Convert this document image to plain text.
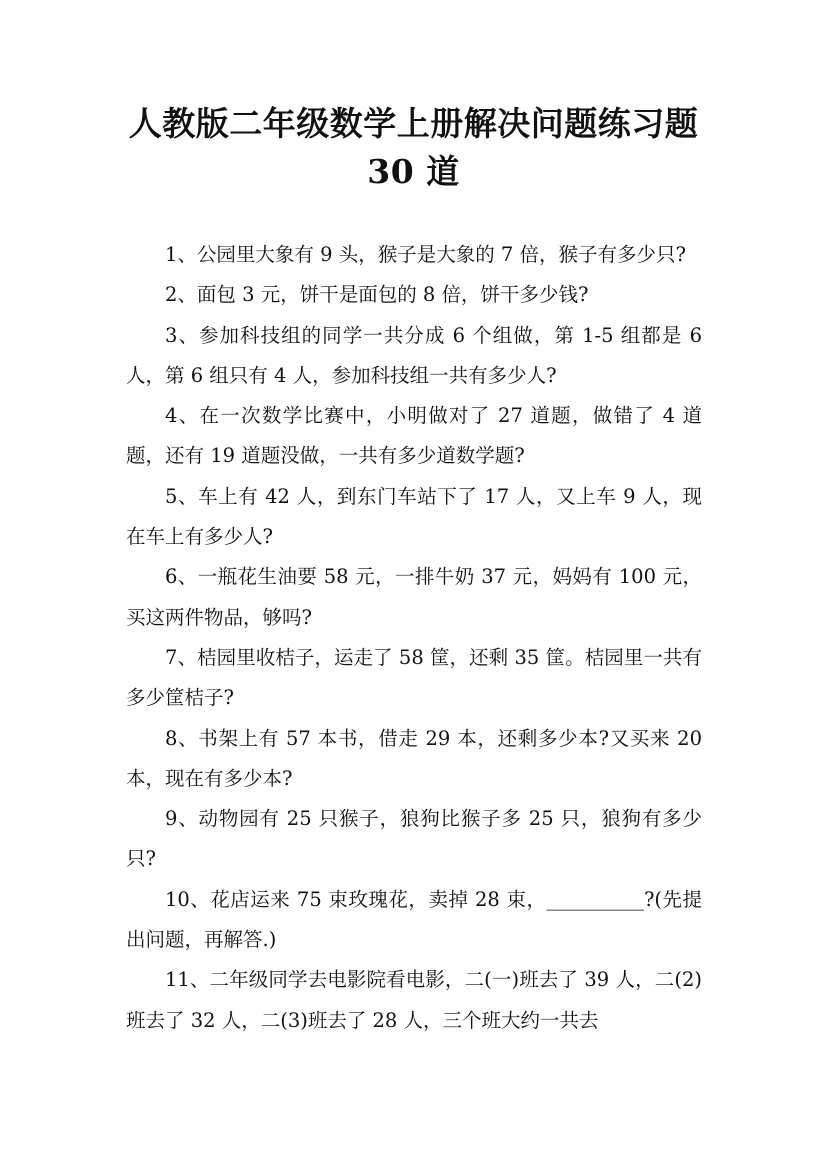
人教版二年级数学上册解决问题练习题 30 道

1、公园里大象有 9 头，猴子是大象的 7 倍，猴子有多少只?

2、面包 3 元，饼干是面包的 8 倍，饼干多少钱?

3、参加科技组的同学一共分成 6 个组做，第 1-5 组都是 6 人，第 6 组只有 4 人，参加科技组一共有多少人?

4、在一次数学比赛中，小明做对了 27 道题，做错了 4 道题，还有 19 道题没做，一共有多少道数学题?

5、车上有 42 人，到东门车站下了 17 人，又上车 9 人，现在车上有多少人?

6、一瓶花生油要 58 元，一排牛奶 37 元，妈妈有 100 元，买这两件物品，够吗?

7、桔园里收桔子，运走了 58 筐，还剩 35 筐。桔园里一共有多少筐桔子?

8、书架上有 57 本书，借走 29 本，还剩多少本?又买来 20 本，现在有多少本?

9、动物园有 25 只猴子，狼狗比猴子多 25 只，狼狗有多少只?

10、花店运来 75 束玫瑰花，卖掉 28 束，__________?(先提出问题，再解答.)

11、二年级同学去电影院看电影，二(一)班去了 39 人，二(2)班去了 32 人，二(3)班去了 28 人，三个班大约一共去
